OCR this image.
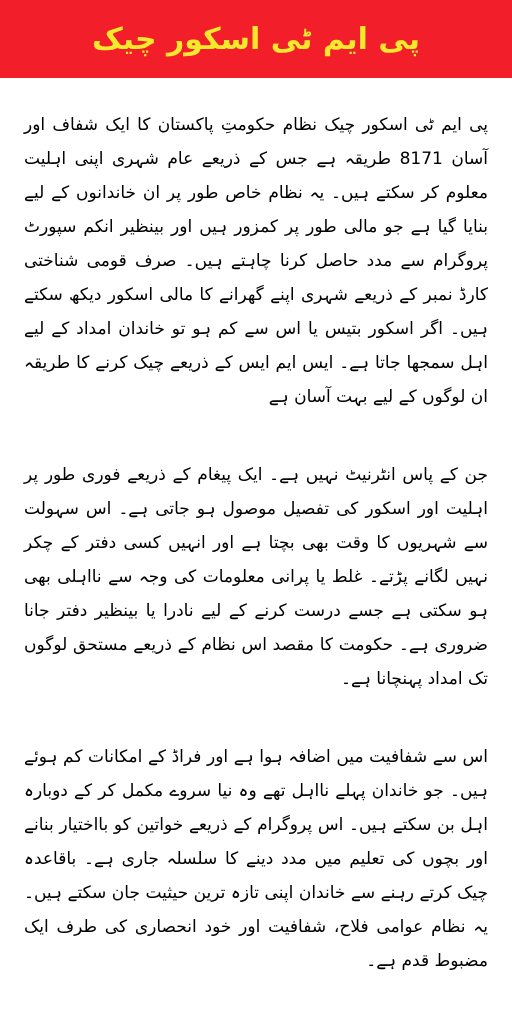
پی ایم ٹی اسکور چیک

پی ایم ٹی اسکور چیک نظام حکومتِ پاکستان کا ایک شفاف اور آسان 8171 طریقہ ہے جس کے ذریعے عام شہری اپنی اہلیت معلوم کر سکتے ہیں۔ یہ نظام خاص طور پر ان خاندانوں کے لیے بنایا گیا ہے جو مالی طور پر کمزور ہیں اور بینظیر انکم سپورٹ پروگرام سے مدد حاصل کرنا چاہتے ہیں۔ صرف قومی شناختی کارڈ نمبر کے ذریعے شہری اپنے گھرانے کا مالی اسکور دیکھ سکتے ہیں۔ اگر اسکور بتیس یا اس سے کم ہو تو خاندان امداد کے لیے اہل سمجھا جاتا ہے۔ ایس ایم ایس کے ذریعے چیک کرنے کا طریقہ ان لوگوں کے لیے بہت آسان ہے

جن کے پاس انٹرنیٹ نہیں ہے۔ ایک پیغام کے ذریعے فوری طور پر اہلیت اور اسکور کی تفصیل موصول ہو جاتی ہے۔ اس سہولت سے شہریوں کا وقت بھی بچتا ہے اور انہیں کسی دفتر کے چکر نہیں لگانے پڑتے۔ غلط یا پرانی معلومات کی وجہ سے نااہلی بھی ہو سکتی ہے جسے درست کرنے کے لیے نادرا یا بینظیر دفتر جانا ضروری ہے۔ حکومت کا مقصد اس نظام کے ذریعے مستحق لوگوں تک امداد پہنچانا ہے۔

اس سے شفافیت میں اضافہ ہوا ہے اور فراڈ کے امکانات کم ہوئے ہیں۔ جو خاندان پہلے نااہل تھے وہ نیا سروے مکمل کر کے دوبارہ اہل بن سکتے ہیں۔ اس پروگرام کے ذریعے خواتین کو بااختیار بنانے اور بچوں کی تعلیم میں مدد دینے کا سلسلہ جاری ہے۔ باقاعدہ چیک کرتے رہنے سے خاندان اپنی تازہ ترین حیثیت جان سکتے ہیں۔ یہ نظام عوامی فلاح، شفافیت اور خود انحصاری کی طرف ایک مضبوط قدم ہے۔
